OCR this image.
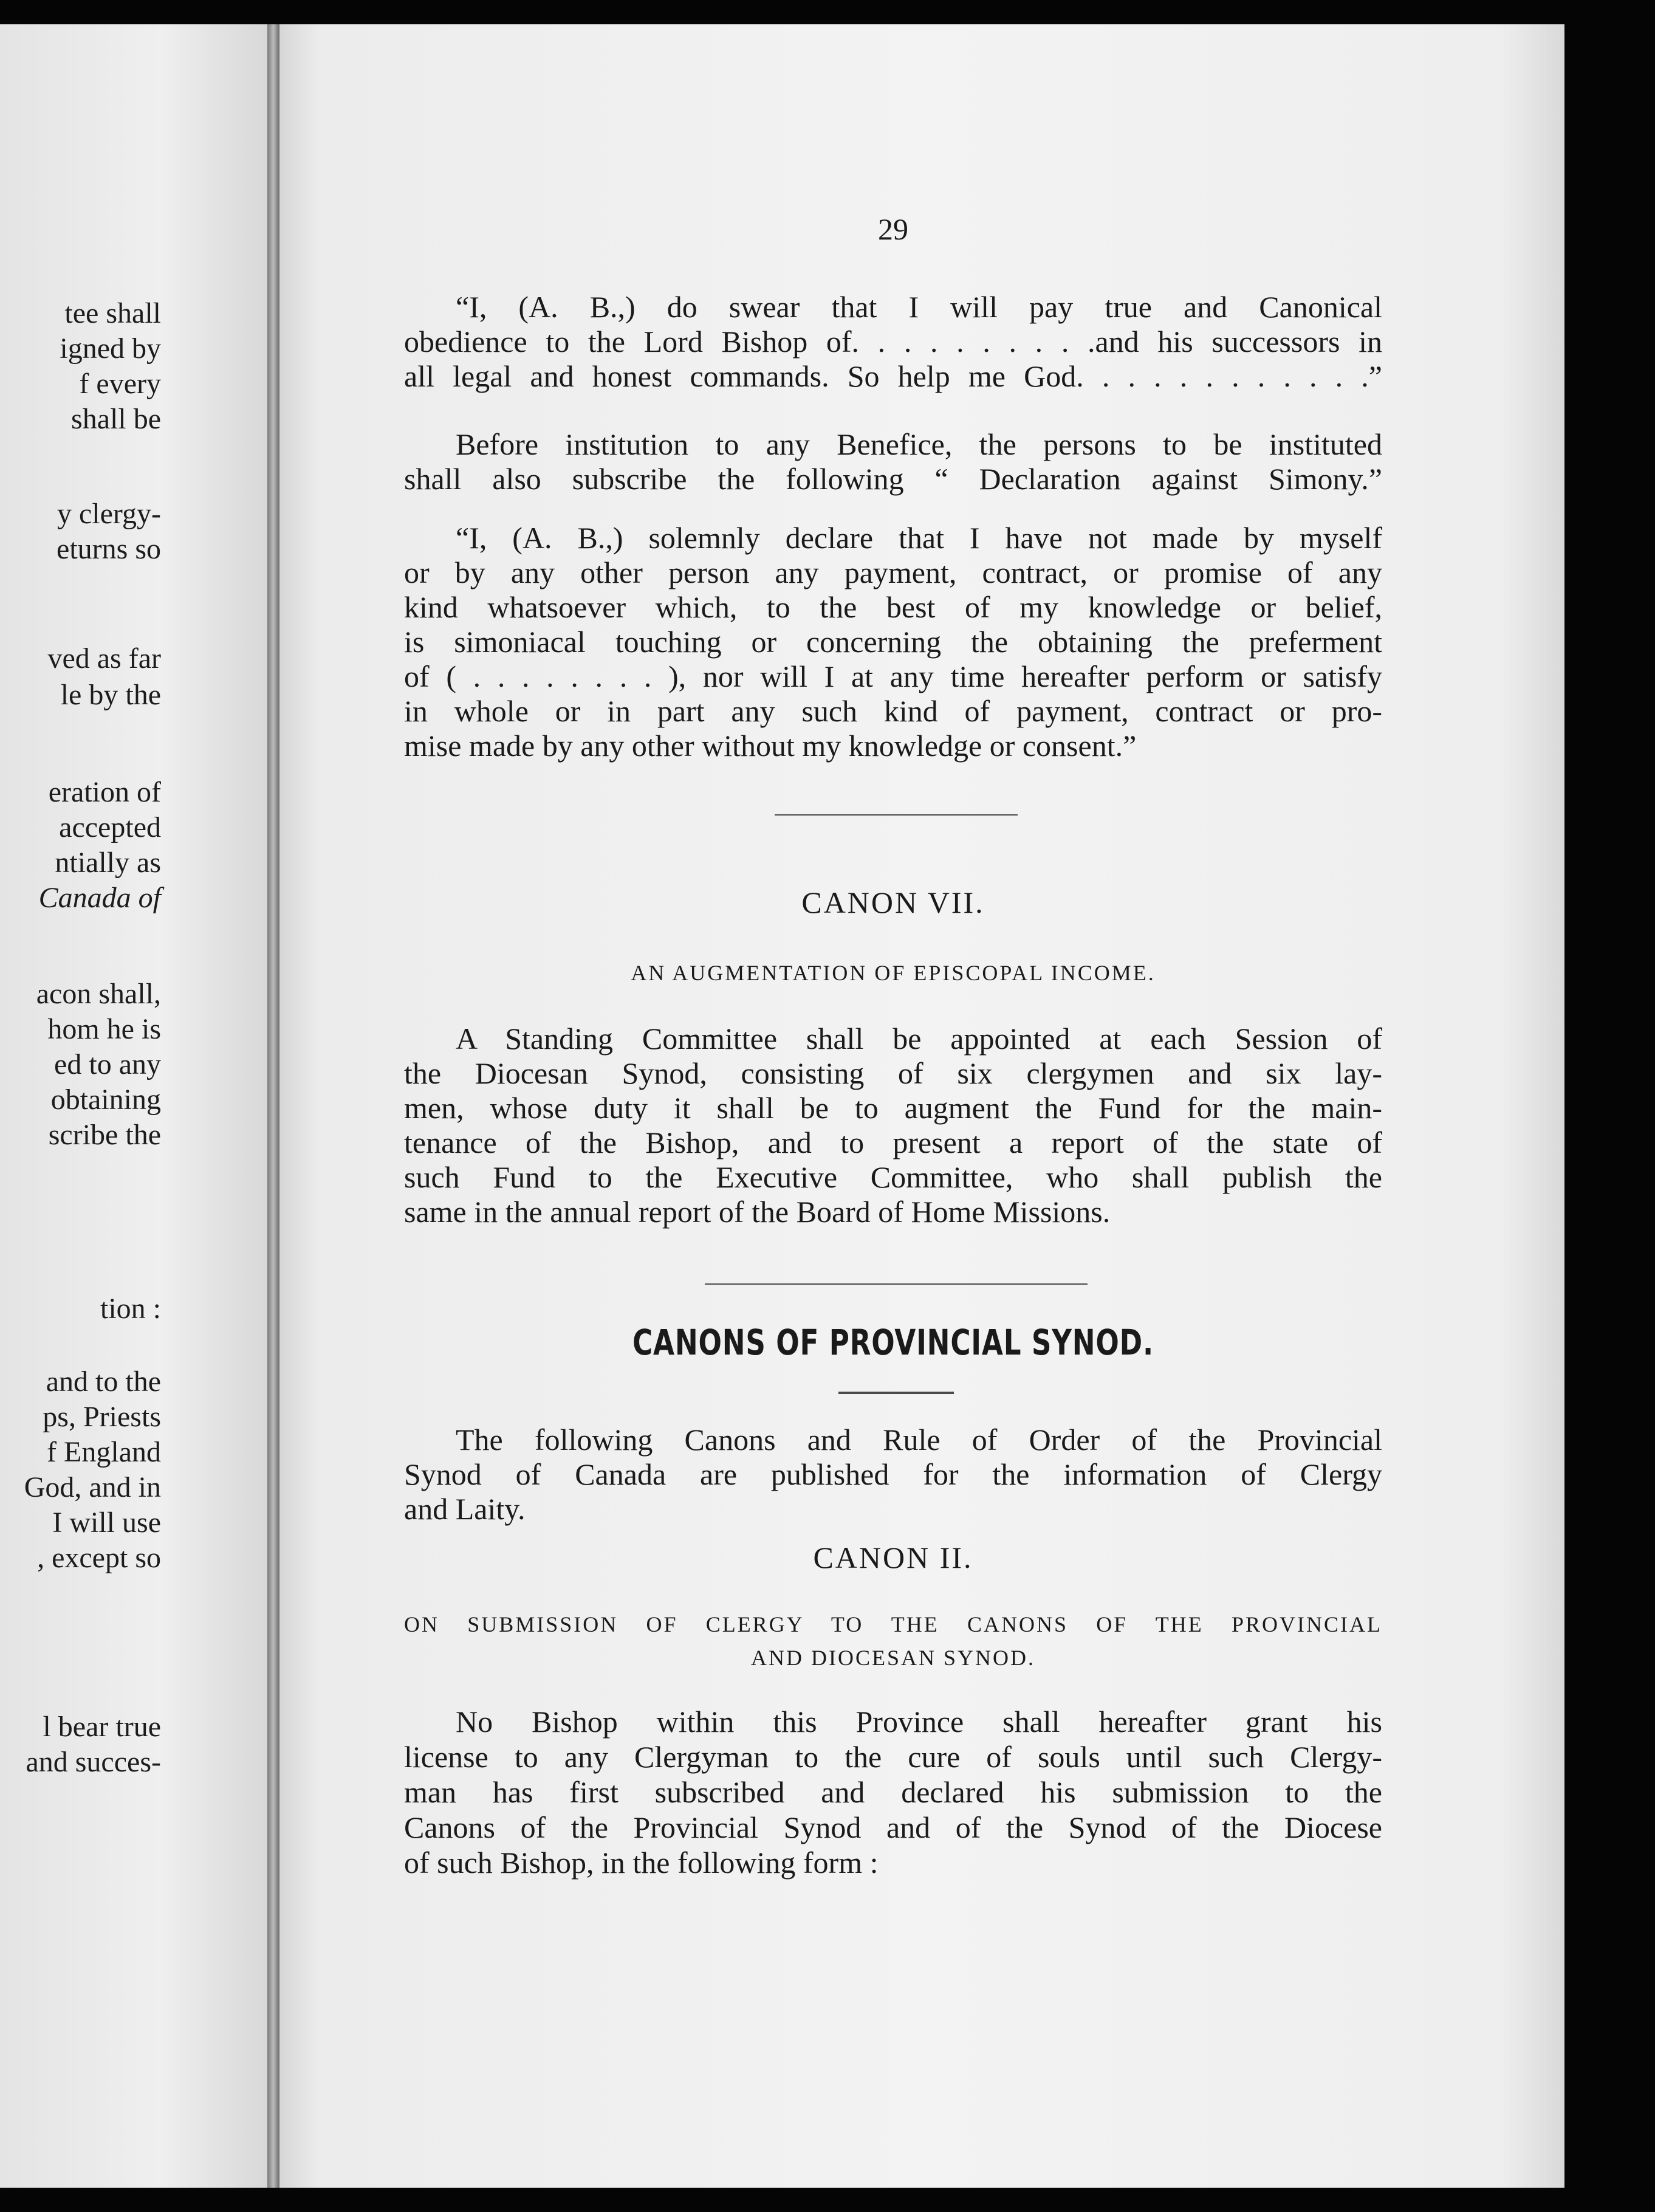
tee shall
igned by
f every
shall be
y clergy-
eturns so
ved as far
le by the
eration of
accepted
ntially as
Canada of
acon shall,
hom he is
ed to any
obtaining
scribe the
tion :
and to the
ps, Priests
f England
God, and in
I will use
, except so
l bear true
and succes-
29
“I, (A. B.,) do swear that I will pay true and Canonical
obedience to the Lord Bishop of. . . . . . . . . .and his successors in
all legal and honest commands. So help me God. . . . . . . . . . . .”
Before institution to any Benefice, the persons to be instituted
shall also subscribe the following “ Declaration against Simony.”
“I, (A. B.,) solemnly declare that I have not made by myself
or by any other person any payment, contract, or promise of any
kind whatsoever which, to the best of my knowledge or belief,
is simoniacal touching or concerning the obtaining the preferment
of ( . . . . . . . . ), nor will I at any time hereafter perform or satisfy
in whole or in part any such kind of payment, contract or pro-
mise made by any other without my knowledge or consent.”
CANON VII.
AN AUGMENTATION OF EPISCOPAL INCOME.
A Standing Committee shall be appointed at each Session of
the Diocesan Synod, consisting of six clergymen and six lay-
men, whose duty it shall be to augment the Fund for the main-
tenance of the Bishop, and to present a report of the state of
such Fund to the Executive Committee, who shall publish the
same in the annual report of the Board of Home Missions.
CANONS OF PROVINCIAL SYNOD.
The following Canons and Rule of Order of the Provincial
Synod of Canada are published for the information of Clergy
and Laity.
CANON II.
ON SUBMISSION OF CLERGY TO THE CANONS OF THE PROVINCIAL
AND DIOCESAN SYNOD.
No Bishop within this Province shall hereafter grant his
license to any Clergyman to the cure of souls until such Clergy-
man has first subscribed and declared his submission to the
Canons of the Provincial Synod and of the Synod of the Diocese
of such Bishop, in the following form :
